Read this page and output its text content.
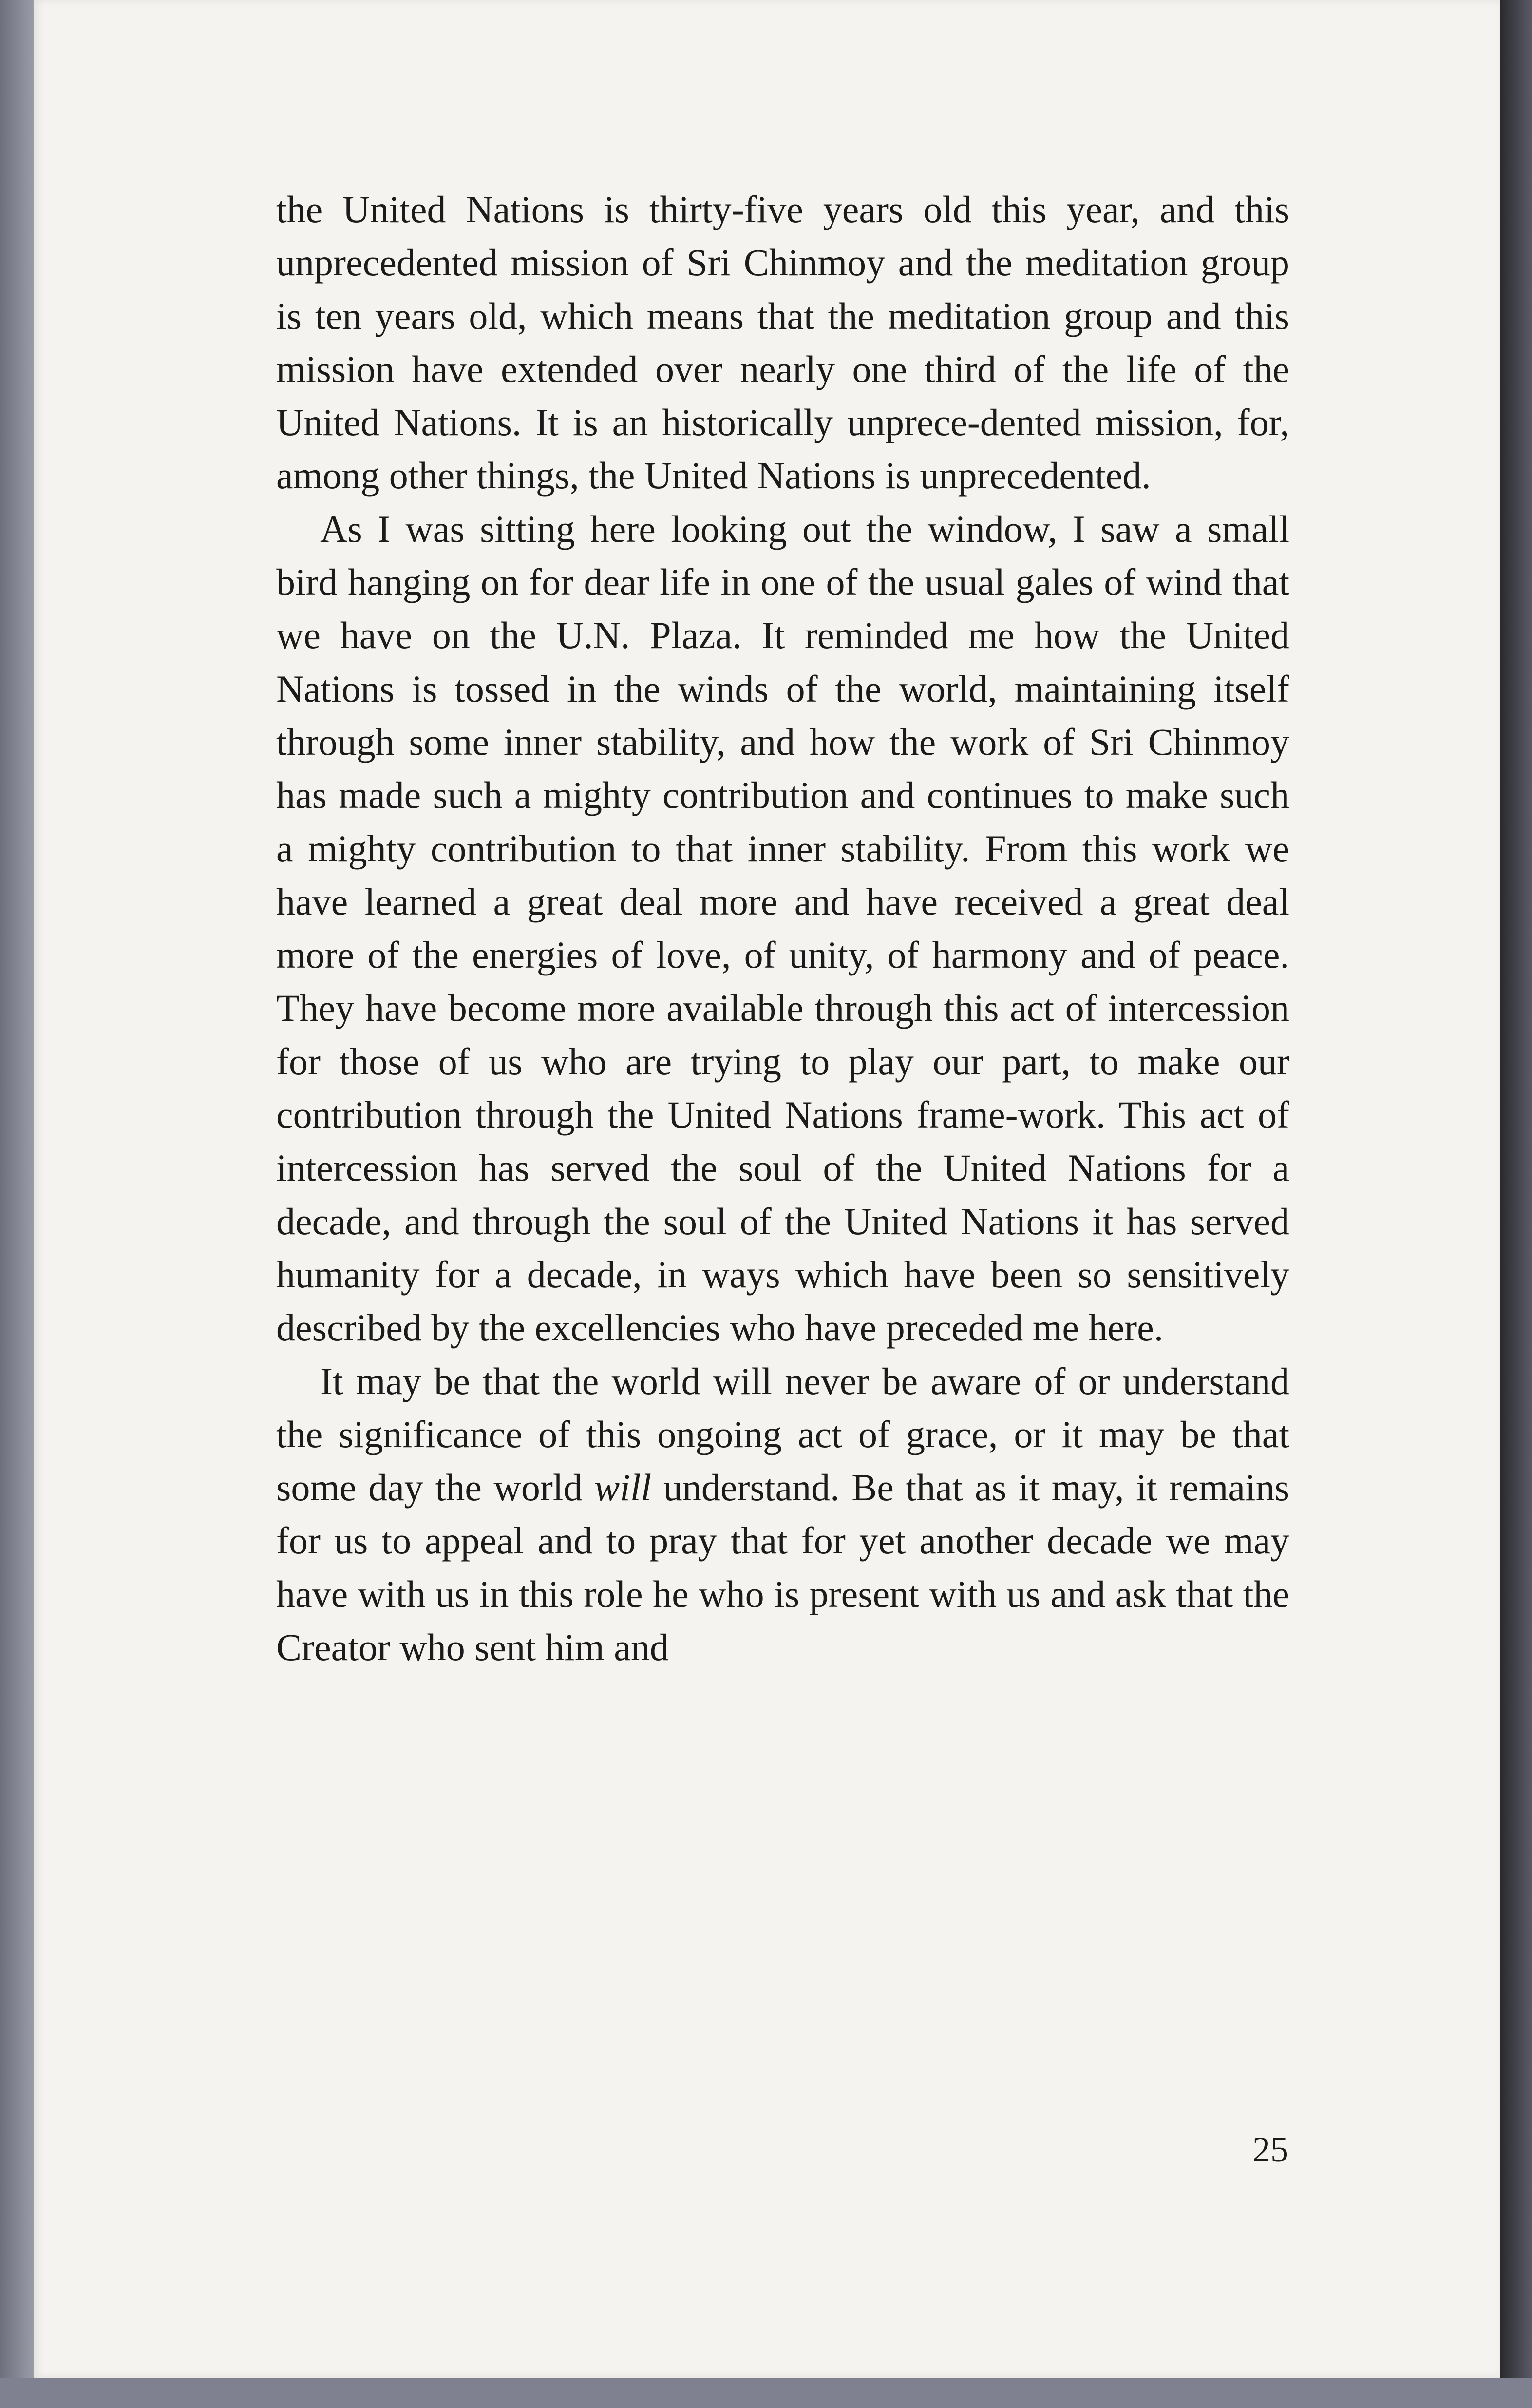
the United Nations is thirty-five years old this year, and this unprecedented mission of Sri Chinmoy and the meditation group is ten years old, which means that the meditation group and this mission have extended over nearly one third of the life of the United Nations. It is an historically unprece-dented mission, for, among other things, the United Nations is unprecedented.

As I was sitting here looking out the window, I saw a small bird hanging on for dear life in one of the usual gales of wind that we have on the U.N. Plaza. It reminded me how the United Nations is tossed in the winds of the world, maintaining itself through some inner stability, and how the work of Sri Chinmoy has made such a mighty contribution and continues to make such a mighty contribution to that inner stability. From this work we have learned a great deal more and have received a great deal more of the energies of love, of unity, of harmony and of peace. They have become more available through this act of intercession for those of us who are trying to play our part, to make our contribution through the United Nations frame-work. This act of intercession has served the soul of the United Nations for a decade, and through the soul of the United Nations it has served humanity for a decade, in ways which have been so sensitively described by the excellencies who have preceded me here.

It may be that the world will never be aware of or understand the significance of this ongoing act of grace, or it may be that some day the world will understand. Be that as it may, it remains for us to appeal and to pray that for yet another decade we may have with us in this role he who is present with us and ask that the Creator who sent him and

25
